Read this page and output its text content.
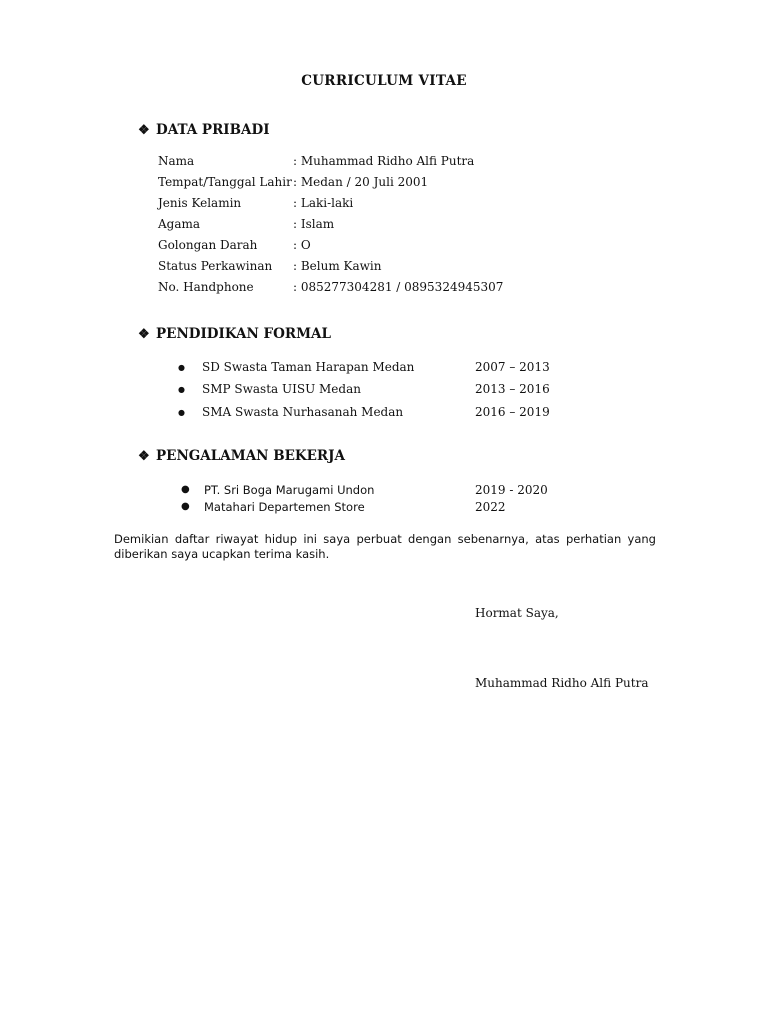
CURRICULUM VITAE
❖ DATA PRIBADI
Nama	: Muhammad Ridho Alfi Putra
Tempat/Tanggal Lahir : Medan / 20 Juli 2001
Jenis Kelamin	: Laki-laki
Agama	: Islam
Golongan Darah	: O
Status Perkawinan : Belum Kawin
No. Handphone	: 085277304281 / 0895324945307
❖ PENDIDIKAN FORMAL
● SD Swasta Taman Harapan Medan	2007 – 2013
● SMP Swasta UISU Medan	2013 – 2016
● SMA Swasta Nurhasanah Medan	2016 – 2019
❖ PENGALAMAN BEKERJA
● PT. Sri Boga Marugami Undon	2019 - 2020
● Matahari Departemen Store	2022
Demikian daftar riwayat hidup ini saya perbuat dengan sebenarnya, atas perhatian yang diberikan saya ucapkan terima kasih.
Hormat Saya,
Muhammad Ridho Alfi Putra
